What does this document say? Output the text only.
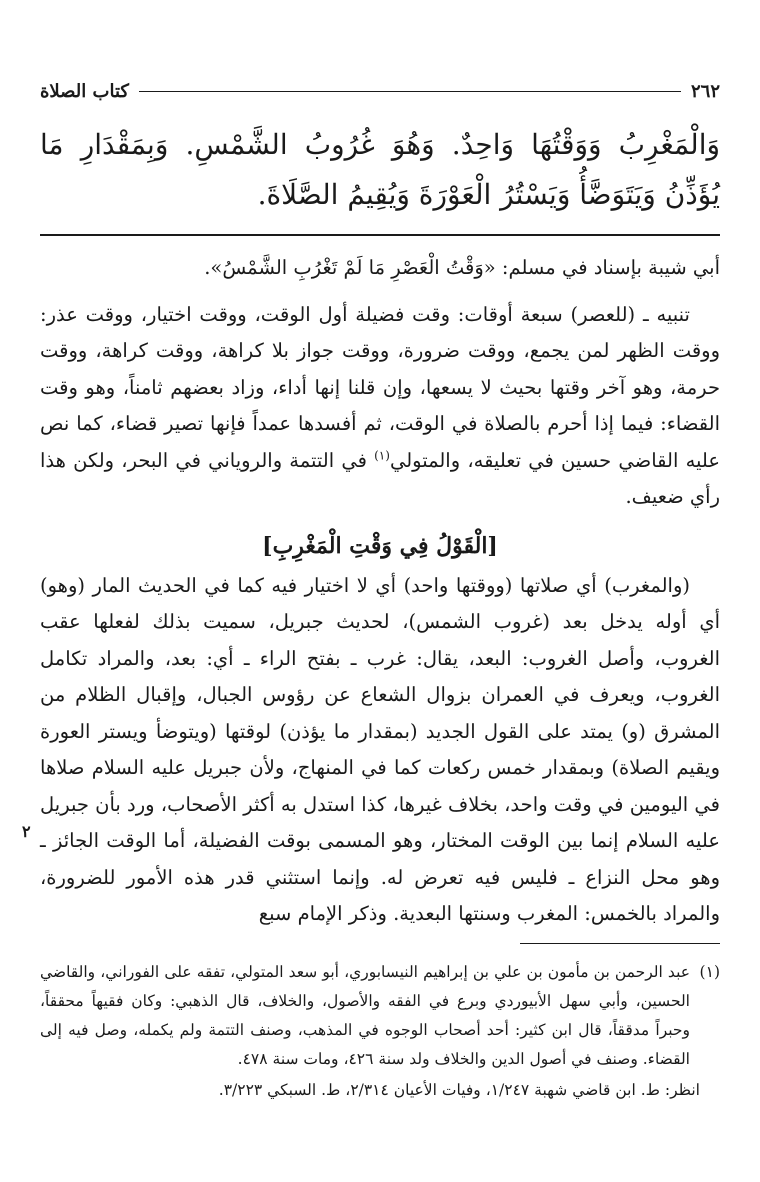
٢٦٢
كتاب الصلاة
وَالْمَغْرِبُ وَوَقْتُهَا وَاحِدٌ. وَهُوَ غُرُوبُ الشَّمْسِ. وَبِمَقْدَارِ مَا يُؤَذِّنُ وَيَتَوَضَّأُ وَيَسْتُرُ الْعَوْرَةَ وَيُقِيمُ الصَّلَاةَ.

أبي شيبة بإسناد في مسلم: «وَقْتُ الْعَصْرِ مَا لَمْ تَغْرُبِ الشَّمْسُ».

تنبيه ـ (للعصر) سبعة أوقات: وقت فضيلة أول الوقت، ووقت اختيار، ووقت عذر: ووقت الظهر لمن يجمع، ووقت ضرورة، ووقت جواز بلا كراهة، ووقت كراهة، ووقت حرمة، وهو آخر وقتها بحيث لا يسعها، وإن قلنا إنها أداء، وزاد بعضهم ثامناً، وهو وقت القضاء: فيما إذا أحرم بالصلاة في الوقت، ثم أفسدها عمداً فإنها تصير قضاء، كما نص عليه القاضي حسين في تعليقه، والمتولي$^{(١)}$ في التتمة والروياني في البحر، ولكن هذا رأي ضعيف.

[الْقَوْلُ فِي وَقْتِ الْمَغْرِبِ]

(والمغرب) أي صلاتها (ووقتها واحد) أي لا اختيار فيه كما في الحديث المار (وهو) أي أوله يدخل بعد (غروب الشمس)، لحديث جبريل، سميت بذلك لفعلها عقب الغروب، وأصل الغروب: البعد، يقال: غرب ـ بفتح الراء ـ أي: بعد، والمراد تكامل الغروب، ويعرف في العمران بزوال الشعاع عن رؤوس الجبال، وإقبال الظلام من المشرق (و) يمتد على القول الجديد (بمقدار ما يؤذن) لوقتها (ويتوضأ ويستر العورة ويقيم الصلاة) وبمقدار خمس ركعات كما في المنهاج، ولأن جبريل عليه السلام صلاها في اليومين في وقت واحد، بخلاف غيرها، كذا استدل به أكثر الأصحاب، ورد بأن جبريل عليه السلام إنما بين الوقت المختار، وهو المسمى بوقت الفضيلة، أما الوقت الجائز ـ وهو محل النزاع ـ فليس فيه تعرض له. وإنما استثني قدر هذه الأمور للضرورة، والمراد بالخمس: المغرب وسنتها البعدية. وذكر الإمام سبع

(١)
عبد الرحمن بن مأمون بن علي بن إبراهيم النيسابوري، أبو سعد المتولي، تفقه على الفوراني، والقاضي الحسين، وأبي سهل الأبيوردي وبرع في الفقه والأصول، والخلاف، قال الذهبي: وكان فقيهاً محققاً، وحبراً مدققاً، قال ابن كثير: أحد أصحاب الوجوه في المذهب، وصنف التتمة ولم يكمله، وصل فيه إلى القضاء. وصنف في أصول الدين والخلاف ولد سنة ٤٢٦، ومات سنة ٤٧٨.

انظر: ط. ابن قاضي شهبة ١/٢٤٧، وفيات الأعيان ٢/٣١٤، ط. السبكي ٣/٢٢٣.

٢
